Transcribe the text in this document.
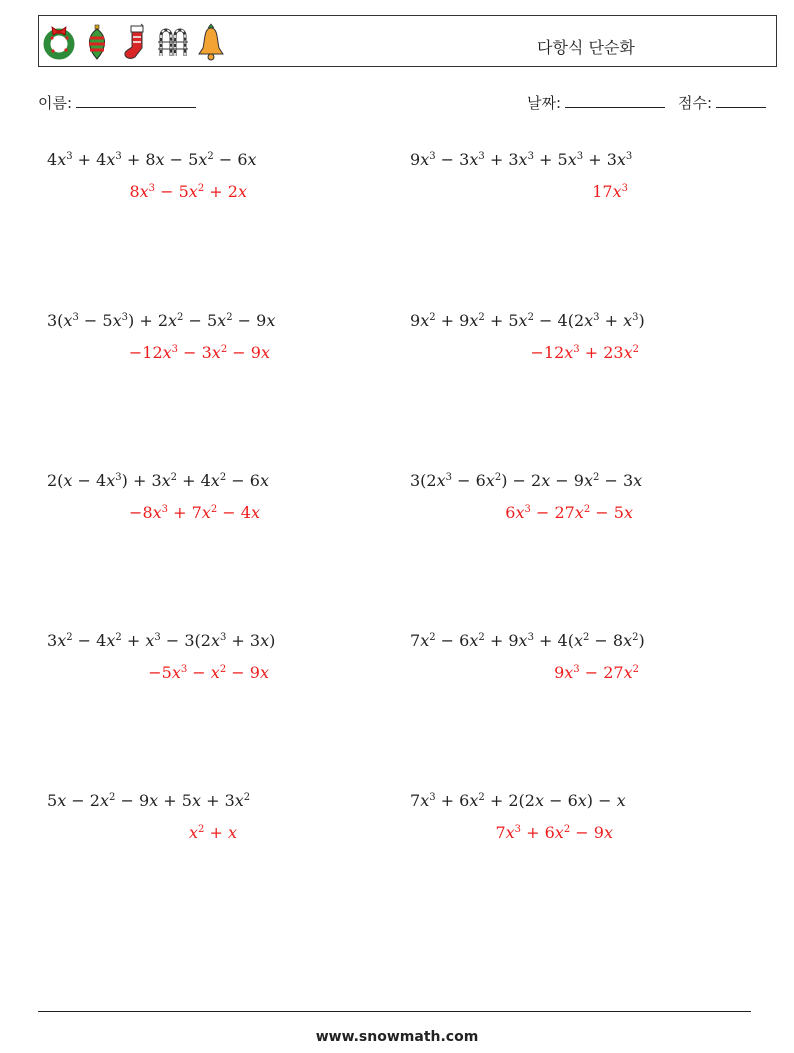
다항식 단순화
이름:	날짜:	점수:
$4x^3 + 4x^3 + 8x - 5x^2 - 6x$
$8x^3 - 5x^2 + 2x$
$9x^3 - 3x^3 + 3x^3 + 5x^3 + 3x^3$
$17x^3$
$3(x^3 - 5x^3) + 2x^2 - 5x^2 - 9x$
$-12x^3 - 3x^2 - 9x$
$9x^2 + 9x^2 + 5x^2 - 4(2x^3 + x^3)$
$-12x^3 + 23x^2$
$2(x - 4x^3) + 3x^2 + 4x^2 - 6x$
$-8x^3 + 7x^2 - 4x$
$3(2x^3 - 6x^2) - 2x - 9x^2 - 3x$
$6x^3 - 27x^2 - 5x$
$3x^2 - 4x^2 + x^3 - 3(2x^3 + 3x)$
$-5x^3 - x^2 - 9x$
$7x^2 - 6x^2 + 9x^3 + 4(x^2 - 8x^2)$
$9x^3 - 27x^2$
$5x - 2x^2 - 9x + 5x + 3x^2$
$x^2 + x$
$7x^3 + 6x^2 + 2(2x - 6x) - x$
$7x^3 + 6x^2 - 9x$
www.snowmath.com
